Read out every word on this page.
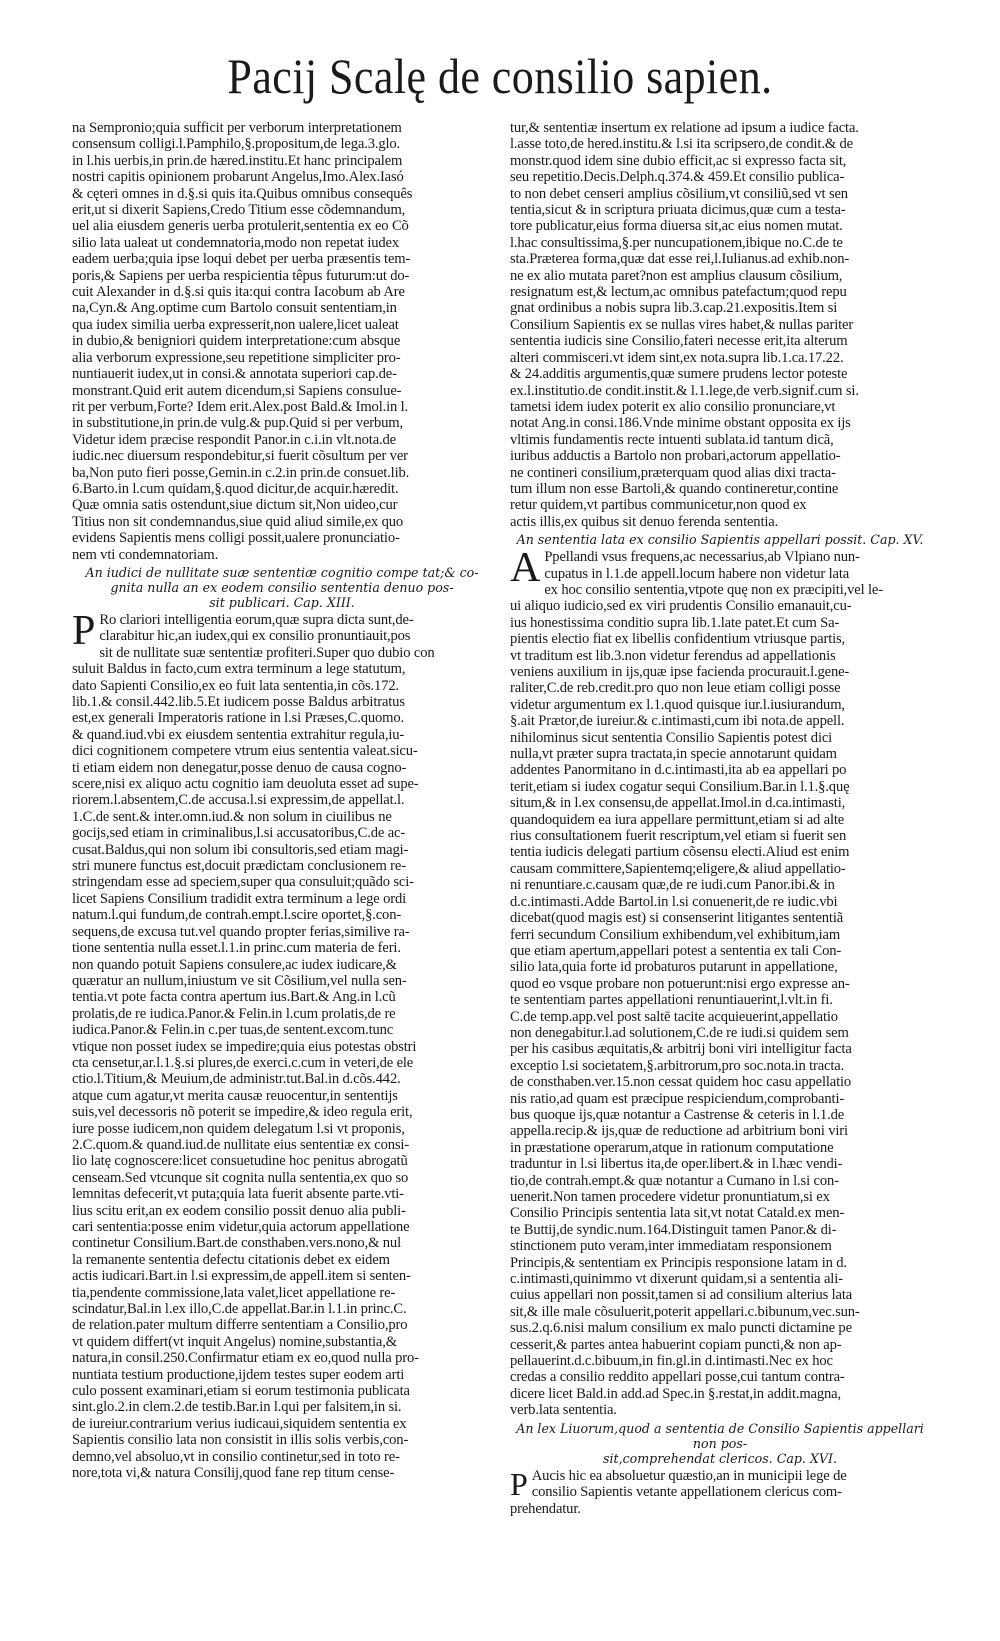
Pacij Scalę de consilio sapien.

na Sempronio;quia sufficit per verborum interpretationem
consensum colligi.l.Pamphilo,§.propositum,de lega.3.glo.
in l.his uerbis,in prin.de hæred.institu.Et hanc principalem
nostri capitis opinionem probarunt Angelus,Imo.Alex.Iasó
& cęteri omnes in d.§.si quis ita.Quibus omnibus consequês
erit,ut si dixerit Sapiens,Credo Titium esse cõdemnandum,
uel alia eiusdem generis uerba protulerit,sententia ex eo Cõ
silio lata ualeat ut condemnatoria,modo non repetat iudex
eadem uerba;quia ipse loqui debet per uerba præsentis tem-
poris,& Sapiens per uerba respicientia têpus futurum:ut do-
cuit Alexander in d.§.si quis ita:qui contra Iacobum ab Are
na,Cyn.& Ang.optime cum Bartolo consuit sententiam,in
qua iudex similia uerba expresserit,non ualere,licet ualeat
in dubio,& benigniori quidem interpretatione:cum absque
alia verborum expressione,seu repetitione simpliciter pro-
nuntiauerit iudex,ut in consi.& annotata superiori cap.de-
monstrant.Quid erit autem dicendum,si Sapiens consulue-
rit per verbum,Forte? Idem erit.Alex.post Bald.& Imol.in l.
in substitutione,in prin.de vulg.& pup.Quid si per verbum,
Videtur idem præcise respondit Panor.in c.i.in vlt.nota.de
iudic.nec diuersum respondebitur,si fuerit cõsultum per ver
ba,Non puto fieri posse,Gemin.in c.2.in prin.de consuet.lib.
6.Barto.in l.cum quidam,§.quod dicitur,de acquir.hæredit.
Quæ omnia satis ostendunt,siue dictum sit,Non uideo,cur
Titius non sit condemnandus,siue quid aliud simile,ex quo
evidens Sapientis mens colligi possit,ualere pronunciatio-
nem vti condemnatoriam.

An iudici de nullitate suæ sententiæ cognitio compe tat;& co-
gnita nulla an ex eodem consilio sententia denuo pos-
sit publicari. Cap. XIII.

P Ro clariori intelligentia eorum,quæ supra dicta sunt,de-
clarabitur hic,an iudex,qui ex consilio pronuntiauit,pos
sit de nullitate suæ sententiæ profiteri.Super quo dubio con
suluit Baldus in facto,cum extra terminum a lege statutum,
dato Sapienti Consilio,ex eo fuit lata sententia,in cõs.172.
lib.1.& consil.442.lib.5.Et iudicem posse Baldus arbitratus
est,ex generali Imperatoris ratione in l.si Præses,C.quomo.
& quand.iud.vbi ex eiusdem sententia extrahitur regula,iu-
dici cognitionem competere vtrum eius sententia valeat.sicu-
ti etiam eidem non denegatur,posse denuo de causa cogno-
scere,nisi ex aliquo actu cognitio iam deuoluta esset ad supe-
riorem.l.absentem,C.de accusa.l.si expressim,de appellat.l.
1.C.de sent.& inter.omn.iud.& non solum in ciuilibus ne
gocijs,sed etiam in criminalibus,l.si accusatoribus,C.de ac-
cusat.Baldus,qui non solum ibi consultoris,sed etiam magi-
stri munere functus est,docuit prædictam conclusionem re-
stringendam esse ad speciem,super qua consuluit;quãdo sci-
licet Sapiens Consilium tradidit extra terminum a lege ordi
natum.l.qui fundum,de contrah.empt.l.scire oportet,§.con-
sequens,de excusa tut.vel quando propter ferias,similive ra-
tione sententia nulla esset.l.1.in princ.cum materia de feri.
non quando potuit Sapiens consulere,ac iudex iudicare,&
quæratur an nullum,iniustum ve sit Cõsilium,vel nulla sen-
tentia.vt pote facta contra apertum ius.Bart.& Ang.in l.cũ
prolatis,de re iudica.Panor.& Felin.in l.cum prolatis,de re
iudica.Panor.& Felin.in c.per tuas,de sentent.excom.tunc
vtique non posset iudex se impedire;quia eius potestas obstri
cta censetur,ar.l.1.§.si plures,de exerci.c.cum in veteri,de ele
ctio.l.Titium,& Meuium,de administr.tut.Bal.in d.cõs.442.
atque cum agatur,vt merita causæ reuocentur,in sententijs
suis,vel decessoris nõ poterit se impedire,& ideo regula erit,
iure posse iudicem,non quidem delegatum l.si vt proponis,
2.C.quom.& quand.iud.de nullitate eius sententiæ ex consi-
lio latę cognoscere:licet consuetudine hoc penitus abrogatũ
censeam.Sed vtcunque sit cognita nulla sententia,ex quo so
lemnitas defecerit,vt puta;quia lata fuerit absente parte.vti-
lius scitu erit,an ex eodem consilio possit denuo alia publi-
cari sententia:posse enim videtur,quia actorum appellatione
continetur Consilium.Bart.de consthaben.vers.nono,& nul
la remanente sententia defectu citationis debet ex eidem
actis iudicari.Bart.in l.si expressim,de appell.item si senten-
tia,pendente commissione,lata valet,licet appellatione re-
scindatur,Bal.in l.ex illo,C.de appellat.Bar.in l.1.in princ.C.
de relation.pater multum differre sententiam a Consilio,pro
vt quidem differt(vt inquit Angelus) nomine,substantia,&
natura,in consil.250.Confirmatur etiam ex eo,quod nulla pro-
nuntiata testium productione,ijdem testes super eodem arti
culo possent examinari,etiam si eorum testimonia publicata
sint.glo.2.in clem.2.de testib.Bar.in l.qui per falsitem,in si.
de iureiur.contrarium verius iudicaui,siquidem sententia ex
Sapientis consilio lata non consistit in illis solis verbis,con-
demno,vel absoluo,vt in consilio continetur,sed in toto re-
nore,tota vi,& natura Consilij,quod fane rep titum cense-

tur,& sententiæ insertum ex relatione ad ipsum a iudice facta.
l.asse toto,de hered.institu.& l.si ita scripsero,de condit.& de
monstr.quod idem sine dubio efficit,ac si expresso facta sit,
seu repetitio.Decis.Delph.q.374.& 459.Et consilio publica-
to non debet censeri amplius cõsilium,vt consiliũ,sed vt sen
tentia,sicut & in scriptura priuata dicimus,quæ cum a testa-
tore publicatur,eius forma diuersa sit,ac eius nomen mutat.
l.hac consultissima,§.per nuncupationem,ibique no.C.de te
sta.Præterea forma,quæ dat esse rei,l.Iulianus.ad exhib.non-
ne ex alio mutata paret?non est amplius clausum cõsilium,
resignatum est,& lectum,ac omnibus patefactum;quod repu
gnat ordinibus a nobis supra lib.3.cap.21.expositis.Item si
Consilium Sapientis ex se nullas vires habet,& nullas pariter
sententia iudicis sine Consilio,fateri necesse erit,ita alterum
alteri commisceri.vt idem sint,ex nota.supra lib.1.ca.17.22.
& 24.additis argumentis,quæ sumere prudens lector poteste
ex.l.institutio.de condit.instit.& l.1.lege,de verb.signif.cum si.
tametsi idem iudex poterit ex alio consilio pronunciare,vt
notat Ang.in consi.186.Vnde minime obstant opposita ex ijs
vltimis fundamentis recte intuenti sublata.id tantum dicã,
iuribus adductis a Bartolo non probari,actorum appellatio-
ne contineri consilium,præterquam quod alias dixi tracta-
tum illum non esse Bartoli,& quando contineretur,contine
retur quidem,vt partibus communicetur,non quod ex
actis illis,ex quibus sit denuo ferenda sententia.

An sententia lata ex consilio Sapientis appellari possit. Cap. XV.

A Ppellandi vsus frequens,ac necessarius,ab Vlpiano nun-
cupatus in l.1.de appell.locum habere non videtur lata
ex hoc consilio sententia,vtpote quę non ex præcipiti,vel le-
ui aliquo iudicio,sed ex viri prudentis Consilio emanauit,cu-
ius honestissima conditio supra lib.1.late patet.Et cum Sa-
pientis electio fiat ex libellis confidentium vtriusque partis,
vt traditum est lib.3.non videtur ferendus ad appellationis
veniens auxilium in ijs,quæ ipse facienda procurauit.l.gene-
raliter,C.de reb.credit.pro quo non leue etiam colligi posse
videtur argumentum ex l.1.quod quisque iur.l.iusiurandum,
§.ait Prætor,de iureiur.& c.intimasti,cum ibi nota.de appell.
nihilominus sicut sententia Consilio Sapientis potest dici
nulla,vt præter supra tractata,in specie annotarunt quidam
addentes Panormitano in d.c.intimasti,ita ab ea appellari po
terit,etiam si iudex cogatur sequi Consilium.Bar.in l.1.§.quę
situm,& in l.ex consensu,de appellat.Imol.in d.ca.intimasti,
quandoquidem ea iura appellare permittunt,etiam si ad alte
rius consultationem fuerit rescriptum,vel etiam si fuerit sen
tentia iudicis delegati partium cõsensu electi.Aliud est enim
causam committere,Sapientemq;eligere,& aliud appellatio-
ni renuntiare.c.causam quæ,de re iudi.cum Panor.ibi.& in
d.c.intimasti.Adde Bartol.in l.si conuenerit,de re iudic.vbi
dicebat(quod magis est) si consenserint litigantes sententiã
ferri secundum Consilium exhibendum,vel exhibitum,iam
que etiam apertum,appellari potest a sententia ex tali Con-
silio lata,quia forte id probaturos putarunt in appellatione,
quod eo vsque probare non potuerunt:nisi ergo expresse an-
te sententiam partes appellationi renuntiauerint,l.vlt.in fi.
C.de temp.app.vel post saltē tacite acquieuerint,appellatio
non denegabitur.l.ad solutionem,C.de re iudi.si quidem sem
per his casibus æquitatis,& arbitrij boni viri intelligitur facta
exceptio l.si societatem,§.arbitrorum,pro soc.nota.in tracta.
de consthaben.ver.15.non cessat quidem hoc casu appellatio
nis ratio,ad quam est præcipue respiciendum,comprobanti-
bus quoque ijs,quæ notantur a Castrense & ceteris in l.1.de
appella.recip.& ijs,quæ de reductione ad arbitrium boni viri
in præstatione operarum,atque in rationum computatione
traduntur in l.si libertus ita,de oper.libert.& in l.hæc vendi-
tio,de contrah.empt.& quæ notantur a Cumano in l.si con-
uenerit.Non tamen procedere videtur pronuntiatum,si ex
Consilio Principis sententia lata sit,vt notat Catald.ex men-
te Buttij,de syndic.num.164.Distinguit tamen Panor.& di-
stinctionem puto veram,inter immediatam responsionem
Principis,& sententiam ex Principis responsione latam in d.
c.intimasti,quinimmo vt dixerunt quidam,si a sententia ali-
cuius appellari non possit,tamen si ad consilium alterius lata
sit,& ille male cõsuluerit,poterit appellari.c.bibunum,vec.sun-
sus.2.q.6.nisi malum consilium ex malo puncti dictamine pe
cesserit,& partes antea habuerint copiam puncti,& non ap-
pellauerint.d.c.bibuum,in fin.gl.in d.intimasti.Nec ex hoc
credas a consilio reddito appellari posse,cui tantum contra-
dicere licet Bald.in add.ad Spec.in §.restat,in addit.magna,
verb.lata sententia.

An lex Liuorum,quod a sententia de Consilio Sapientis appellari non pos-
sit,comprehendat clericos. Cap. XVI.

P Aucis hic ea absoluetur quæstio,an in municipii lege de
consilio Sapientis vetante appellationem clericus com-
prehendatur.
